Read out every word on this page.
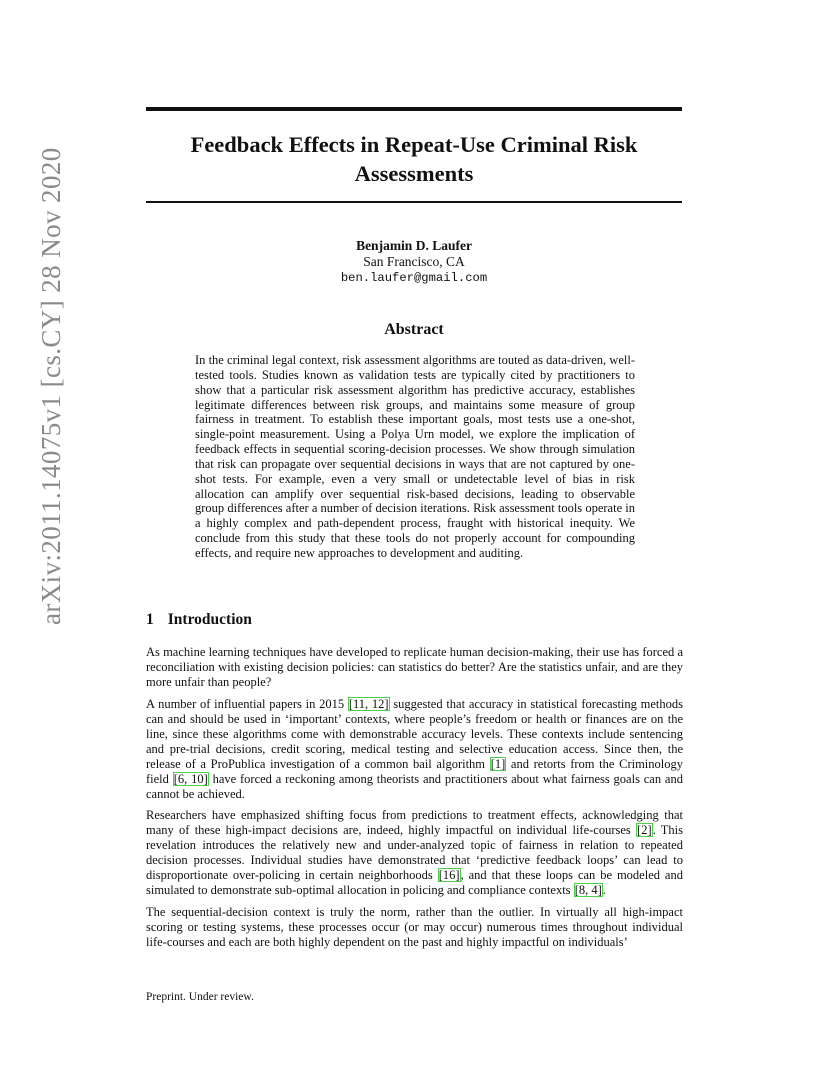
arXiv:2011.14075v1 [cs.CY] 28 Nov 2020
Feedback Effects in Repeat-Use Criminal Risk Assessments
Benjamin D. Laufer
San Francisco, CA
ben.laufer@gmail.com
Abstract
In the criminal legal context, risk assessment algorithms are touted as data-driven, well-tested tools. Studies known as validation tests are typically cited by practitioners to show that a particular risk assessment algorithm has predictive accuracy, establishes legitimate differences between risk groups, and maintains some measure of group fairness in treatment. To establish these important goals, most tests use a one-shot, single-point measurement. Using a Polya Urn model, we explore the implication of feedback effects in sequential scoring-decision processes. We show through simulation that risk can propagate over sequential decisions in ways that are not captured by one-shot tests. For example, even a very small or undetectable level of bias in risk allocation can amplify over sequential risk-based decisions, leading to observable group differences after a number of decision iterations. Risk assessment tools operate in a highly complex and path-dependent process, fraught with historical inequity. We conclude from this study that these tools do not properly account for compounding effects, and require new approaches to development and auditing.
1 Introduction

As machine learning techniques have developed to replicate human decision-making, their use has forced a reconciliation with existing decision policies: can statistics do better? Are the statistics unfair, and are they more unfair than people?

A number of influential papers in 2015 [11, 12] suggested that accuracy in statistical forecasting methods can and should be used in ‘important’ contexts, where people’s freedom or health or finances are on the line, since these algorithms come with demonstrable accuracy levels. These contexts include sentencing and pre-trial decisions, credit scoring, medical testing and selective education access. Since then, the release of a ProPublica investigation of a common bail algorithm [1] and retorts from the Criminology field [6, 10] have forced a reckoning among theorists and practitioners about what fairness goals can and cannot be achieved.

Researchers have emphasized shifting focus from predictions to treatment effects, acknowledging that many of these high-impact decisions are, indeed, highly impactful on individual life-courses [2]. This revelation introduces the relatively new and under-analyzed topic of fairness in relation to repeated decision processes. Individual studies have demonstrated that ‘predictive feedback loops’ can lead to disproportionate over-policing in certain neighborhoods [16], and that these loops can be modeled and simulated to demonstrate sub-optimal allocation in policing and compliance contexts [8, 4].

The sequential-decision context is truly the norm, rather than the outlier. In virtually all high-impact scoring or testing systems, these processes occur (or may occur) numerous times throughout individual life-courses and each are both highly dependent on the past and highly impactful on individuals’

Preprint. Under review.
